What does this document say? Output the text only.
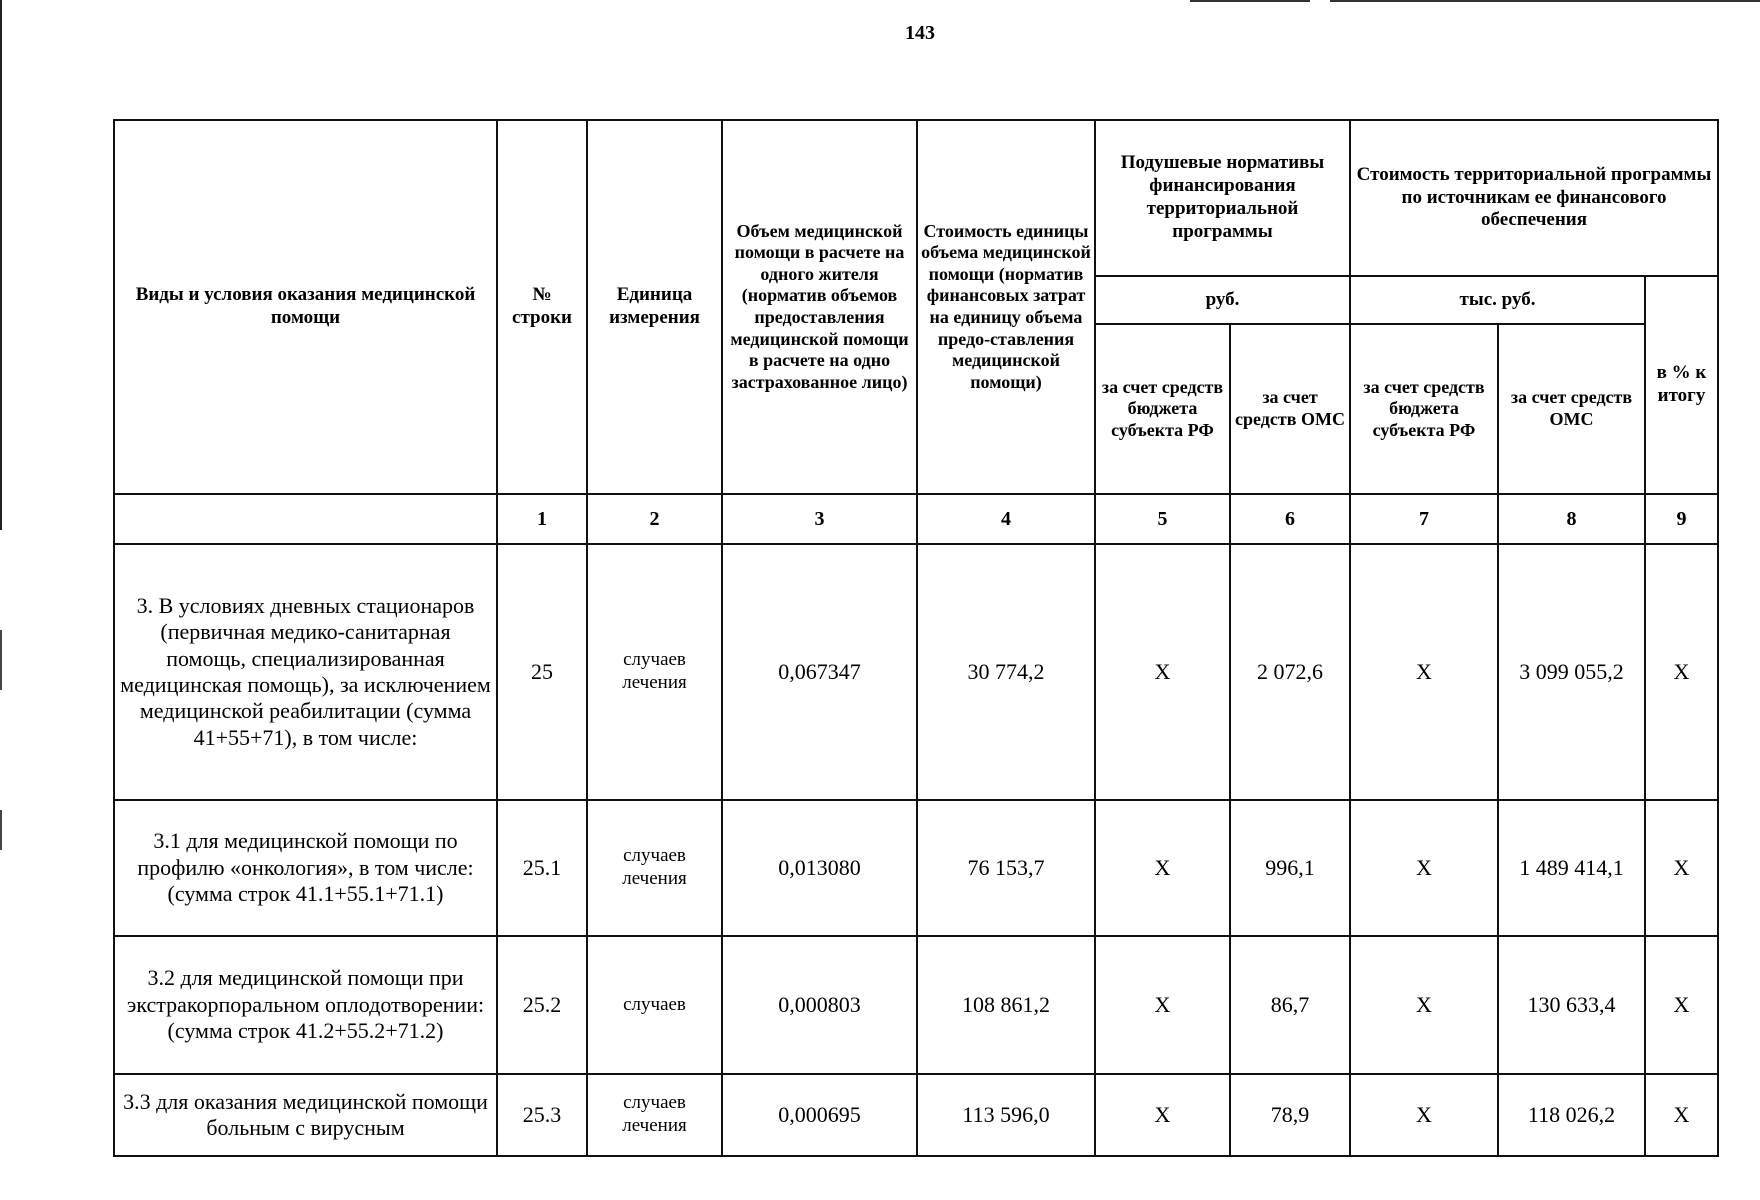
143
Виды и условия оказания медицинской помощи	№ строки	Единица измерения	Объем медицинской помощи в расчете на одного жителя (норматив объемов предоставления медицинской помощи в расчете на одно застрахованное лицо)	Стоимость единицы объема медицинской помощи (норматив финансовых затрат на единицу объема предо-ставления медицинской помощи)	Подушевые нормативы финансирования территориальной программы		Стоимость территориальной программы по источникам ее финансового обеспечения		
					руб.		тыс. руб.		в % к итогу
					за счет средств бюджета субъекта РФ	за счет средств ОМС	за счет средств бюджета субъекта РФ	за счет средств ОМС	
	1	2	3	4	5	6	7	8	9
3. В условиях дневных стационаров (первичная медико-санитарная помощь, специализированная медицинская помощь), за исключением медицинской реабилитации (сумма 41+55+71), в том числе:	25	случаев лечения	0,067347	30 774,2	X	2 072,6	X	3 099 055,2	X
3.1 для медицинской помощи по профилю «онкология», в том числе: (сумма строк 41.1+55.1+71.1)	25.1	случаев лечения	0,013080	76 153,7	X	996,1	X	1 489 414,1	X
3.2 для медицинской помощи при экстракорпоральном оплодотворении: (сумма строк 41.2+55.2+71.2)	25.2	случаев	0,000803	108 861,2	X	86,7	X	130 633,4	X
3.3 для оказания медицинской помощи больным с вирусным	25.3	случаев лечения	0,000695	113 596,0	X	78,9	X	118 026,2	X
